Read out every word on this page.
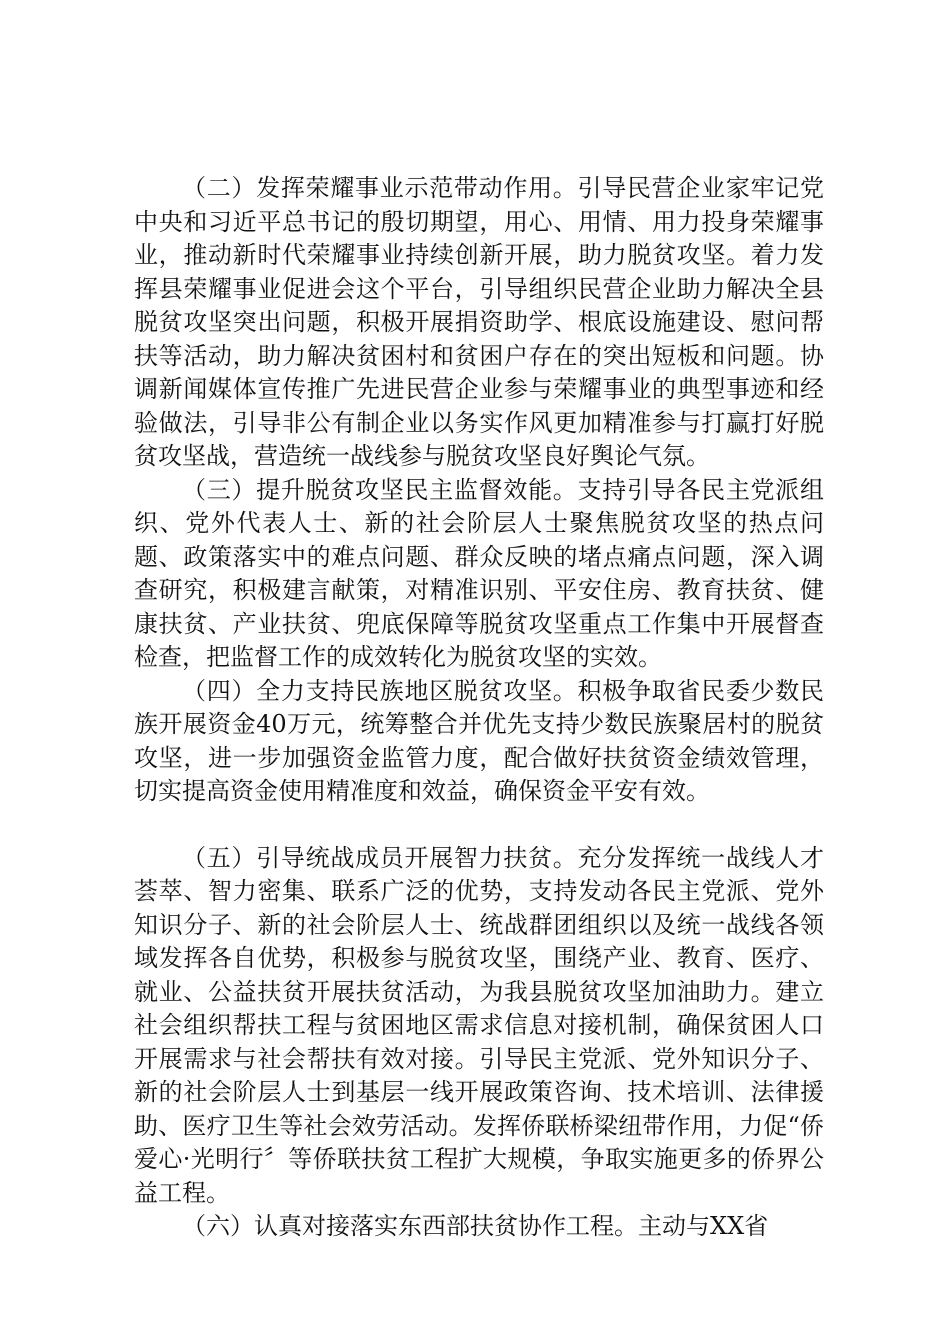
（二）发挥荣耀事业示范带动作用。引导民营企业家牢记党中央和习近平总书记的殷切期望，用心、用情、用力投身荣耀事业，推动新时代荣耀事业持续创新开展，助力脱贫攻坚。着力发挥县荣耀事业促进会这个平台，引导组织民营企业助力解决全县脱贫攻坚突出问题，积极开展捐资助学、根底设施建设、慰问帮扶等活动，助力解决贫困村和贫困户存在的突出短板和问题。协调新闻媒体宣传推广先进民营企业参与荣耀事业的典型事迹和经验做法，引导非公有制企业以务实作风更加精准参与打赢打好脱贫攻坚战，营造统一战线参与脱贫攻坚良好舆论气氛。

（三）提升脱贫攻坚民主监督效能。支持引导各民主党派组织、党外代表人士、新的社会阶层人士聚焦脱贫攻坚的热点问题、政策落实中的难点问题、群众反映的堵点痛点问题，深入调查研究，积极建言献策，对精准识别、平安住房、教育扶贫、健康扶贫、产业扶贫、兜底保障等脱贫攻坚重点工作集中开展督查检查，把监督工作的成效转化为脱贫攻坚的实效。

（四）全力支持民族地区脱贫攻坚。积极争取省民委少数民族开展资金40万元，统筹整合并优先支持少数民族聚居村的脱贫攻坚，进一步加强资金监管力度，配合做好扶贫资金绩效管理，切实提高资金使用精准度和效益，确保资金平安有效。

（五）引导统战成员开展智力扶贫。充分发挥统一战线人才荟萃、智力密集、联系广泛的优势，支持发动各民主党派、党外知识分子、新的社会阶层人士、统战群团组织以及统一战线各领域发挥各自优势，积极参与脱贫攻坚，围绕产业、教育、医疗、就业、公益扶贫开展扶贫活动，为我县脱贫攻坚加油助力。建立社会组织帮扶工程与贫困地区需求信息对接机制，确保贫困人口开展需求与社会帮扶有效对接。引导民主党派、党外知识分子、新的社会阶层人士到基层一线开展政策咨询、技术培训、法律援助、医疗卫生等社会效劳活动。发挥侨联桥梁纽带作用，力促“侨爱心·光明行〞等侨联扶贫工程扩大规模，争取实施更多的侨界公益工程。

（六）认真对接落实东西部扶贫协作工程。主动与XX省
